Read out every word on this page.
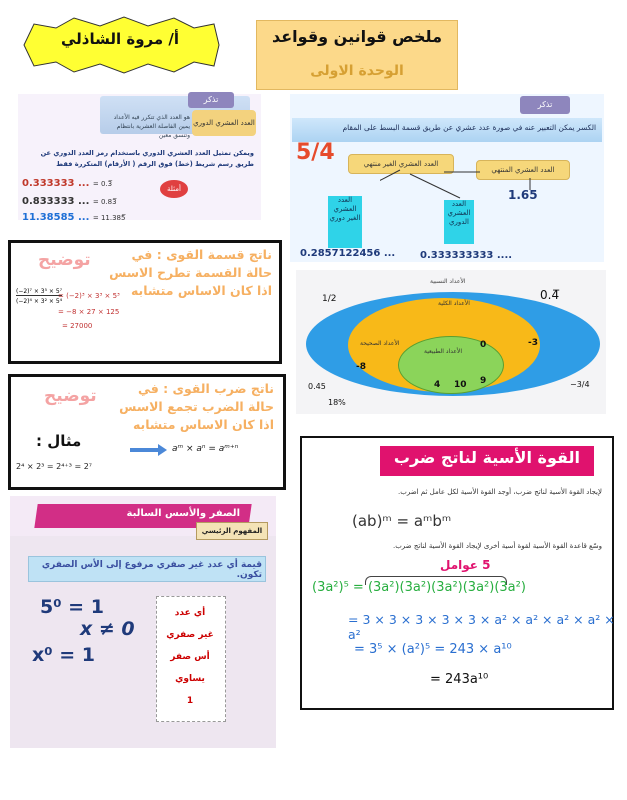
أ/ مروة الشاذلي	ملخص قوانين وقواعد
الوحدة الاولى
تذكر
العدد العشري الدوري
هو العدد الذي تتكرر فيه الأعداد يمين الفاصلة العشرية بانتظام وتنسق معين
ويمكن تمثيل العدد العشري الدوري باستخدام رمز العدد الدوري عن طريق رسم شريط (خط) فوق الرقم ( الأرقام) المتكررة فقط
أمثلة
0.333333 ... = 0.3̅
0.833333 ... = 0.83̅
11.38585 ... = 11.385̅
تذكر
الكسر يمكن التعبير عنه في صورة عدد عشري عن طريق قسمة البسط على المقام
5/4
العدد العشري المنتهي
العدد العشري الغير منتهي
العدد العشري الدوري
العدد العشري الغير دوري
1.65
0.333333333 ....
0.2857122456 ...
توضيح	ناتج قسمة القوى : في حالة القسمة تطرح الاسس اذا كان الاساس متشابه
(−2)⁷ × 3⁵ × 5⁷
(−2)⁴ × 3² × 5⁴
= (−2)³ × 3³ × 5³
= −8 × 27 × 125
= 27000
الأعداد النسبية
الأعداد الكلية
الأعداد الصحيحة
الأعداد الطبيعية
0	-3
-8
4 10 9
1/2	0.4̅
0.45
18%
−3/4
توضيح	ناتج ضرب القوى : في حالة الضرب تجمع الاسس اذا كان الاساس متشابه
مثال :
2⁴ × 2³ = 2⁴⁺³ = 2⁷
aᵐ × aⁿ = aᵐ⁺ⁿ	القوة الأسية لناتج ضرب
لإيجاد القوة الأسية لناتج ضرب، أوجد القوة الأسية لكل عامل ثم اضرب.
(ab)ᵐ = aᵐbᵐ
وسّع قاعدة القوة الأسية لقوة أسية أخرى لإيجاد القوة الأسية لناتج ضرب.
5 عوامل
(3a²)⁵ = (3a²)(3a²)(3a²)(3a²)(3a²)
= 3 × 3 × 3 × 3 × 3 × a² × a² × a² × a² × a²
= 3⁵ × (a²)⁵ = 243 × a¹⁰
= 243a¹⁰
الصفر والأسس السالبة
المفهوم الرئيسي
قيمة أي عدد غير صفري مرفوع إلى الأس الصفري تكون.
5⁰ = 1
x ≠ 0
x⁰ = 1
أي عدد
غير صفري
أس صفر
يساوي
1
